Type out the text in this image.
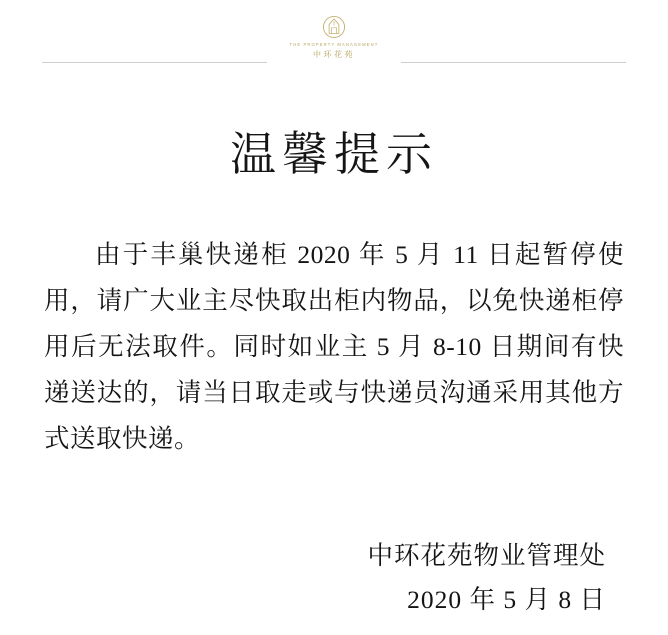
THE PROPERTY MANAGEMENT
中环花苑
温馨提示

由于丰巢快递柜 2020 年 5 月 11 日起暂停使用，请广大业主尽快取出柜内物品，以免快递柜停用后无法取件。同时如业主 5 月 8-10 日期间有快递送达的，请当日取走或与快递员沟通采用其他方式送取快递。

中环花苑物业管理处
2020 年 5 月 8 日
